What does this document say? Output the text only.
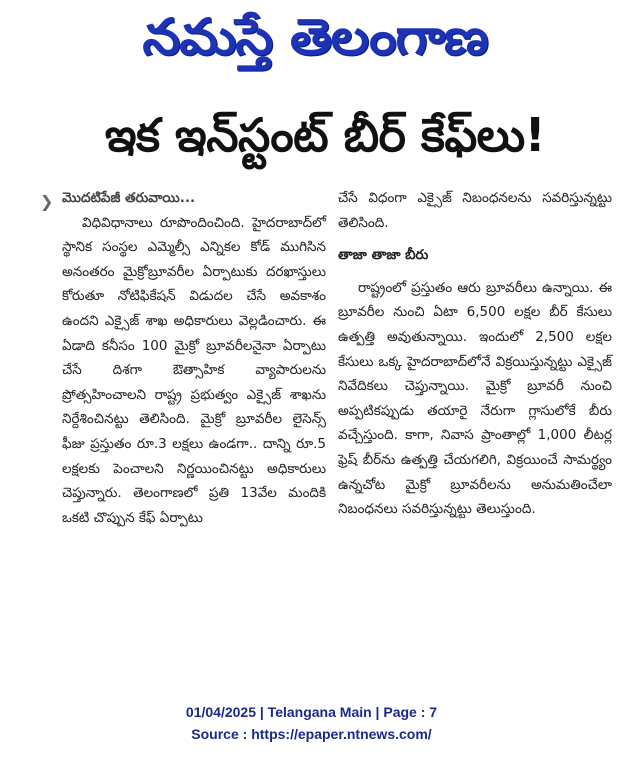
నమస్తే తెలంగాణ
ఇక ఇన్‌స్టంట్ బీర్ కేఫ్‌లు!

❯ మొదటిపేజీ తరువాయి...

విధివిధానాలు రూపొందించింది. హైదరాబాద్‌లో స్థానిక సంస్థల ఎమ్మెల్సీ ఎన్నికల కోడ్ ముగిసిన అనంతరం మైక్రోబ్రూవరీల ఏర్పాటుకు దరఖాస్తులు కోరుతూ నోటిఫికేషన్ విడుదల చేసే అవకాశం ఉందని ఎక్సైజ్ శాఖ అధికారులు వెల్లడించారు. ఈ ఏడాది కనీసం 100 మైక్రో బ్రూవరీలనైనా ఏర్పాటు చేసే దిశగా ఔత్సాహిక వ్యాపారులను ప్రోత్సహించాలని రాష్ట్ర ప్రభుత్వం ఎక్సైజ్ శాఖను నిర్దేశించినట్టు తెలిసింది. మైక్రో బ్రూవరీల లైసెన్స్ ఫీజు ప్రస్తుతం రూ.3 లక్షలు ఉండగా.. దాన్ని రూ.5 లక్షలకు పెంచాలని నిర్ణయించినట్టు అధికారులు చెప్తున్నారు. తెలంగాణలో ప్రతి 13వేల మందికి ఒకటి చొప్పున కేఫ్ ఏర్పాటు

చేసే విధంగా ఎక్సైజ్ నిబంధనలను సవరిస్తున్నట్టు తెలిసింది.

తాజా తాజా బీరు

రాష్ట్రంలో ప్రస్తుతం ఆరు బ్రూవరీలు ఉన్నాయి. ఈ బ్రూవరీల నుంచి ఏటా 6,500 లక్షల బీర్ కేసులు ఉత్పత్తి అవుతున్నాయి. ఇందులో 2,500 లక్షల కేసులు ఒక్క హైదరాబాద్‌లోనే విక్రయిస్తున్నట్టు ఎక్సైజ్ నివేదికలు చెప్తున్నాయి. మైక్రో బ్రూవరీ నుంచి అప్పటికప్పుడు తయారై నేరుగా గ్లాసులోకే బీరు వచ్చేస్తుంది. కాగా, నివాస ప్రాంతాల్లో 1,000 లీటర్ల ఫ్రెష్ బీర్‌ను ఉత్పత్తి చేయగలిగి, విక్రయించే సామర్థ్యం ఉన్నచోట మైక్రో బ్రూవరీలను అనుమతించేలా నిబంధనలు సవరిస్తున్నట్టు తెలుస్తుంది.

01/04/2025 | Telangana Main | Page : 7
Source : https://epaper.ntnews.com/
